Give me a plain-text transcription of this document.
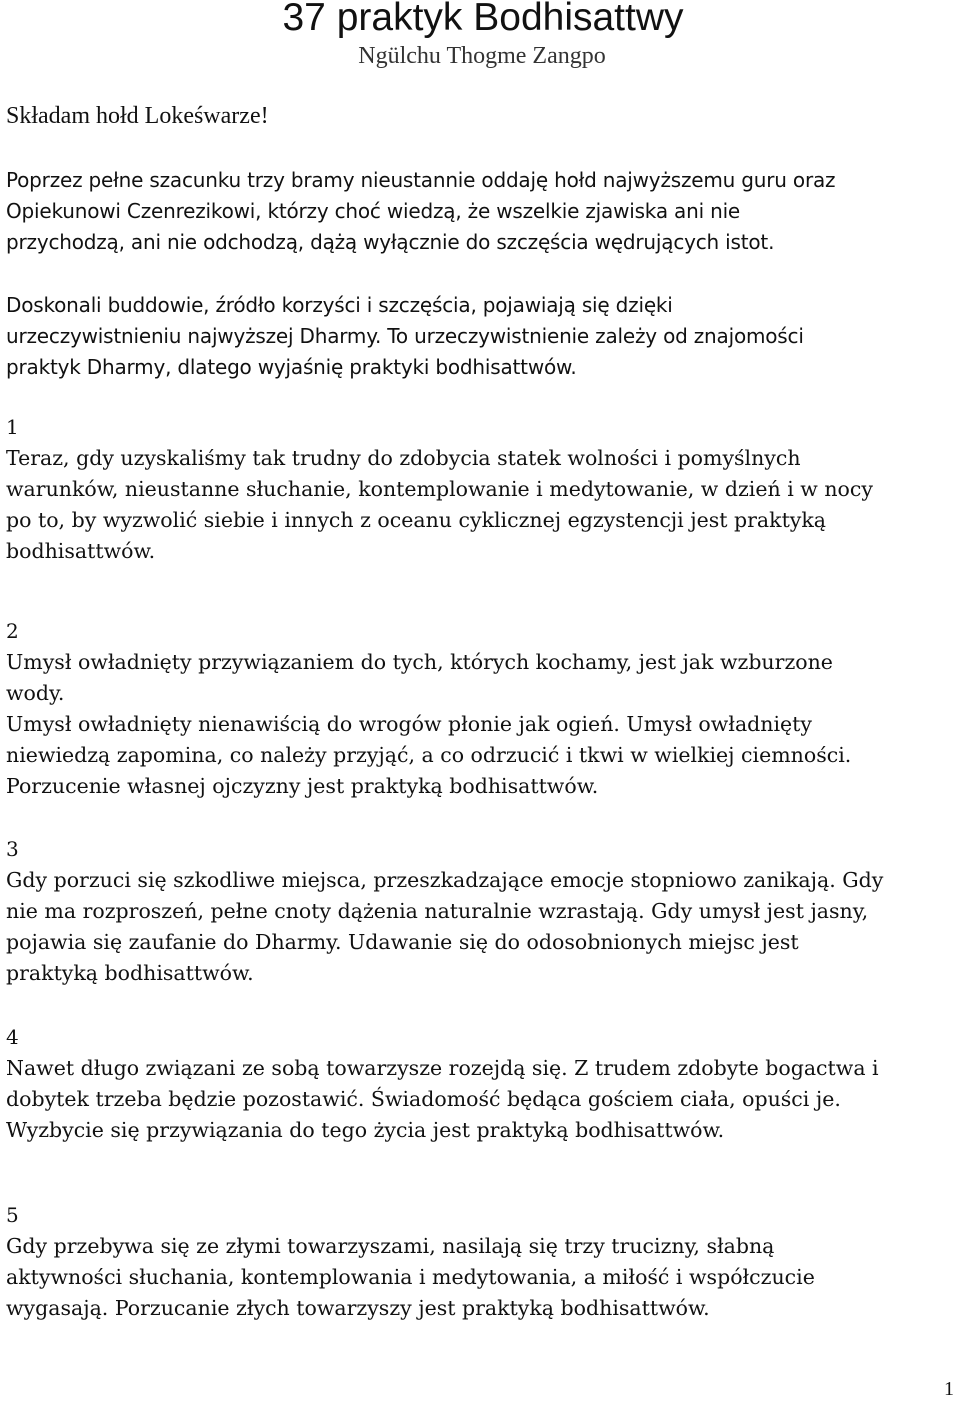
37 praktyk Bodhisattwy
Ngülchu Thogme Zangpo
Składam hołd Lokeśwarze!

Poprzez pełne szacunku trzy bramy nieustannie oddaję hołd najwyższemu guru oraz

Opiekunowi Czenrezikowi, którzy choć wiedzą, że wszelkie zjawiska ani nie

przychodzą, ani nie odchodzą, dążą wyłącznie do szczęścia wędrujących istot.

Doskonali buddowie, źródło korzyści i szczęścia, pojawiają się dzięki

urzeczywistnieniu najwyższej Dharmy. To urzeczywistnienie zależy od znajomości

praktyk Dharmy, dlatego wyjaśnię praktyki bodhisattwów.

1

Teraz, gdy uzyskaliśmy tak trudny do zdobycia statek wolności i pomyślnych

warunków, nieustanne słuchanie, kontemplowanie i medytowanie, w dzień i w nocy

po to, by wyzwolić siebie i innych z oceanu cyklicznej egzystencji jest praktyką

bodhisattwów.

2

Umysł owładnięty przywiązaniem do tych, których kochamy, jest jak wzburzone

wody.

Umysł owładnięty nienawiścią do wrogów płonie jak ogień. Umysł owładnięty

niewiedzą zapomina, co należy przyjąć, a co odrzucić i tkwi w wielkiej ciemności.

Porzucenie własnej ojczyzny jest praktyką bodhisattwów.

3

Gdy porzuci się szkodliwe miejsca, przeszkadzające emocje stopniowo zanikają. Gdy

nie ma rozproszeń, pełne cnoty dążenia naturalnie wzrastają. Gdy umysł jest jasny,

pojawia się zaufanie do Dharmy. Udawanie się do odosobnionych miejsc jest

praktyką bodhisattwów.

4

Nawet długo związani ze sobą towarzysze rozejdą się. Z trudem zdobyte bogactwa i

dobytek trzeba będzie pozostawić. Świadomość będąca gościem ciała, opuści je.

Wyzbycie się przywiązania do tego życia jest praktyką bodhisattwów.

5

Gdy przebywa się ze złymi towarzyszami, nasilają się trzy trucizny, słabną

aktywności słuchania, kontemplowania i medytowania, a miłość i współczucie

wygasają. Porzucanie złych towarzyszy jest praktyką bodhisattwów.

1
